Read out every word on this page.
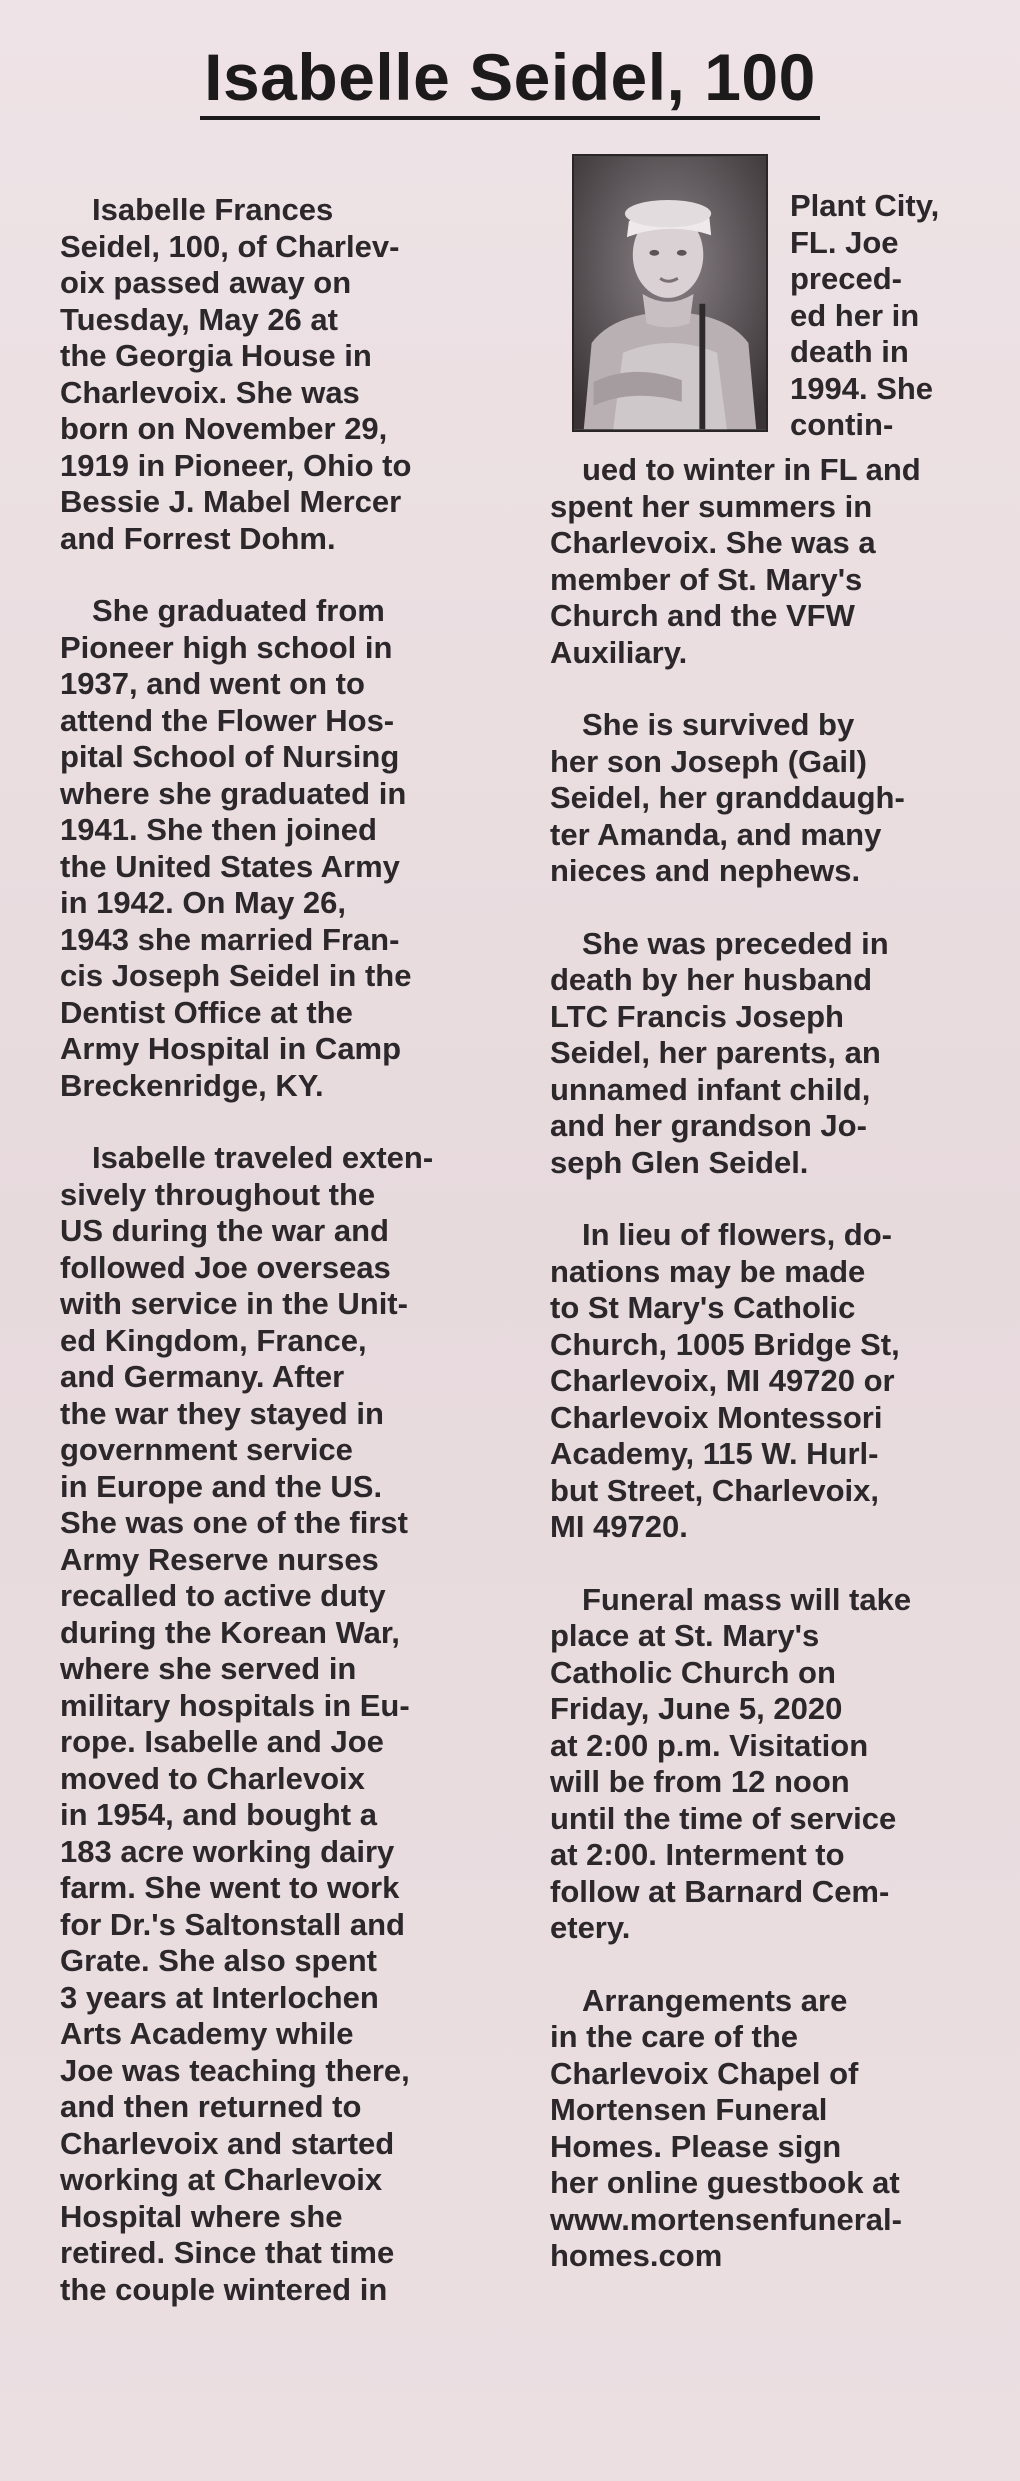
Isabelle Seidel, 100

Isabelle Frances
Seidel, 100, of Charlev-
oix passed away on
Tuesday, May 26 at
the Georgia House in
Charlevoix. She was
born on November 29,
1919 in Pioneer, Ohio to
Bessie J. Mabel Mercer
and Forrest Dohm.

She graduated from
Pioneer high school in
1937, and went on to
attend the Flower Hos-
pital School of Nursing
where she graduated in
1941. She then joined
the United States Army
in 1942. On May 26,
1943 she married Fran-
cis Joseph Seidel in the
Dentist Office at the
Army Hospital in Camp
Breckenridge, KY.

Isabelle traveled exten-
sively throughout the
US during the war and
followed Joe overseas
with service in the Unit-
ed Kingdom, France,
and Germany. After
the war they stayed in
government service
in Europe and the US.
She was one of the first
Army Reserve nurses
recalled to active duty
during the Korean War,
where she served in
military hospitals in Eu-
rope. Isabelle and Joe
moved to Charlevoix
in 1954, and bought a
183 acre working dairy
farm. She went to work
for Dr.'s Saltonstall and
Grate. She also spent
3 years at Interlochen
Arts Academy while
Joe was teaching there,
and then returned to
Charlevoix and started
working at Charlevoix
Hospital where she
retired. Since that time
the couple wintered in

Plant City,
FL. Joe
preced-
ed her in
death in
1994. She
contin-

ued to winter in FL and
spent her summers in
Charlevoix. She was a
member of St. Mary's
Church and the VFW
Auxiliary.

She is survived by
her son Joseph (Gail)
Seidel, her granddaugh-
ter Amanda, and many
nieces and nephews.

She was preceded in
death by her husband
LTC Francis Joseph
Seidel, her parents, an
unnamed infant child,
and her grandson Jo-
seph Glen Seidel.

In lieu of flowers, do-
nations may be made
to St Mary's Catholic
Church, 1005 Bridge St,
Charlevoix, MI 49720 or
Charlevoix Montessori
Academy, 115 W. Hurl-
but Street, Charlevoix,
MI 49720.

Funeral mass will take
place at St. Mary's
Catholic Church on
Friday, June 5, 2020
at 2:00 p.m. Visitation
will be from 12 noon
until the time of service
at 2:00. Interment to
follow at Barnard Cem-
etery.

Arrangements are
in the care of the
Charlevoix Chapel of
Mortensen Funeral
Homes. Please sign
her online guestbook at
www.mortensenfuneral-
homes.com
